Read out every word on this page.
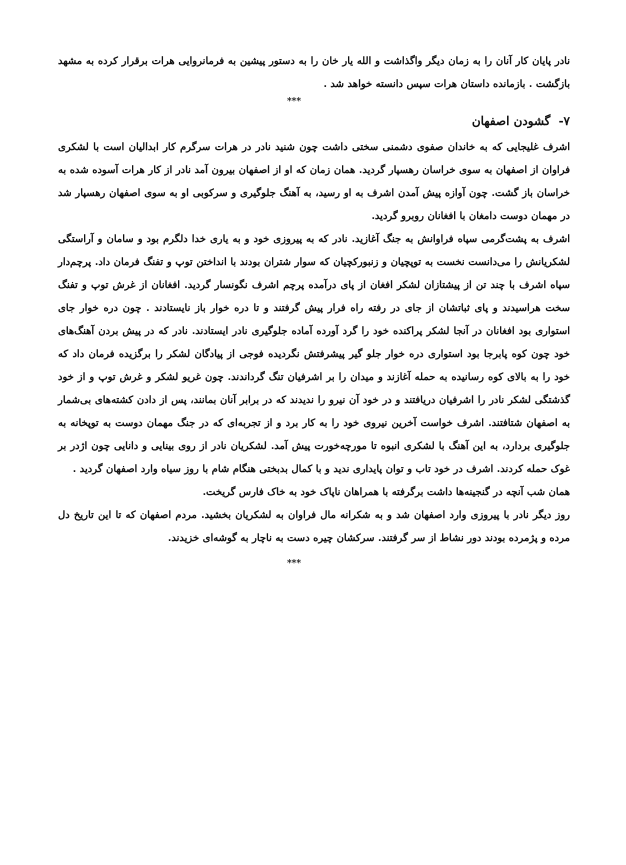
نادر پایان کار آنان را به زمان دیگر واگذاشت و الله یار خان را به دستور پیشین به فرمانروایی هرات برقرار کرده به مشهد بازگشت . بازمانده داستان هرات سپس دانسته خواهد شد .

***

۷- گشودن اصفهان

اشرف غلیجایی که به خاندان صفوی دشمنی سختی داشت چون شنید نادر در هرات سرگرم کار ابدالیان است با لشکری فراوان از اصفهان به سوی خراسان رهسپار گردید. همان زمان که او از اصفهان بیرون آمد نادر از کار هرات آسوده شده به خراسان باز گشت. چون آوازه پیش آمدن اشرف به او رسید، به آهنگ جلوگیری و سرکوبی او به سوی اصفهان رهسپار شد در مهمان دوست دامغان با افغانان روبرو گردید.

اشرف به پشت‌گرمی سپاه فراوانش به جنگ آغازید. نادر که به پیروزی خود و به یاری خدا دلگرم بود و سامان و آراستگی لشکریانش را می‌دانست نخست به توپچیان و زنبورکچیان که سوار شتران بودند با انداختن توپ و تفنگ فرمان داد. پرچم‌دار سپاه اشرف با چند تن از پیشتازان لشکر افغان از پای درآمده پرچم اشرف نگونسار گردید. افغانان از غرش توپ و تفنگ سخت هراسیدند و پای ثباتشان از جای در رفته راه فرار پیش گرفتند و تا دره خوار باز نایستادند . چون دره خوار جای استواری بود افغانان در آنجا لشکر پراکنده خود را گرد آورده آماده جلوگیری نادر ایستادند. نادر که در پیش بردن آهنگ‌های خود چون کوه پابرجا بود استواری دره خوار جلو گیر پیشرفتش نگردیده فوجی از پیادگان لشکر را برگزیده فرمان داد که خود را به بالای کوه رسانیده به حمله آغازند و میدان را بر اشرفیان تنگ گرداندند. چون غریو لشکر و غرش توپ و از خود گذشتگی لشکر نادر را اشرفیان دریافتند و در خود آن نیرو را ندیدند که در برابر آنان بمانند، پس از دادن کشته‌های بی‌شمار به اصفهان شتافتند. اشرف خواست آخرین نیروی خود را به کار برد و از تجربه‌ای که در جنگ مهمان دوست به توپخانه به جلوگیری بردارد، به این آهنگ با لشکری انبوه تا مورچه‌خورت پیش آمد. لشکریان نادر از روی بینایی و دانایی چون اژدر بر غوک حمله کردند. اشرف در خود تاب و توان پایداری ندید و با کمال بدبختی هنگام شام با روز سیاه وارد اصفهان گردید .

همان شب آنچه در گنجینه‌ها داشت برگرفته با همراهان ناپاک خود به خاک فارس گریخت.

روز دیگر نادر با پیروزی وارد اصفهان شد و به شکرانه مال فراوان به لشکریان بخشید. مردم اصفهان که تا این تاریخ دل مرده و پژمرده بودند دور نشاط از سر گرفتند. سرکشان چیره دست به ناچار به گوشه‌ای خزیدند.

***
